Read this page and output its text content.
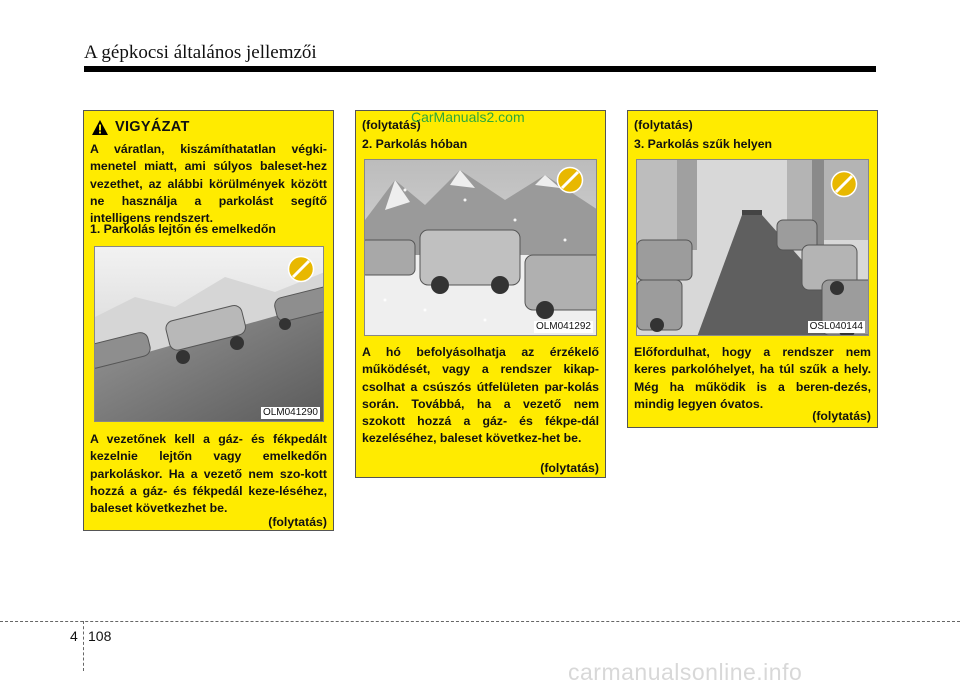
A gépkocsi általános jellemzői
VIGYÁZAT
A váratlan, kiszámíthatatlan végki-menetel miatt, ami súlyos baleset-hez vezethet, az alábbi körülmények között ne használja a parkolást segítő intelligens rendszert.
1. Parkolás lejtőn és emelkedőn
OLM041290
A vezetőnek kell a gáz- és fékpedált kezelnie lejtőn vagy emelkedőn parkoláskor. Ha a vezető nem szo-kott hozzá a gáz- és fékpedál keze-léséhez, baleset következhet be.
(folytatás)
(folytatás)
2. Parkolás hóban
OLM041292
A hó befolyásolhatja az érzékelő működését, vagy a rendszer kikap-csolhat a csúszós útfelületen par-kolás során. Továbbá, ha a vezető nem szokott hozzá a gáz- és fékpe-dál kezeléséhez, baleset következ-het be.
(folytatás)
CarManuals2.com	(folytatás)
3. Parkolás szűk helyen
OSL040144
Előfordulhat, hogy a rendszer nem keres parkolóhelyet, ha túl szűk a hely. Még ha működik is a beren-dezés, mindig legyen óvatos.
(folytatás)
4 108
carmanualsonline.info
